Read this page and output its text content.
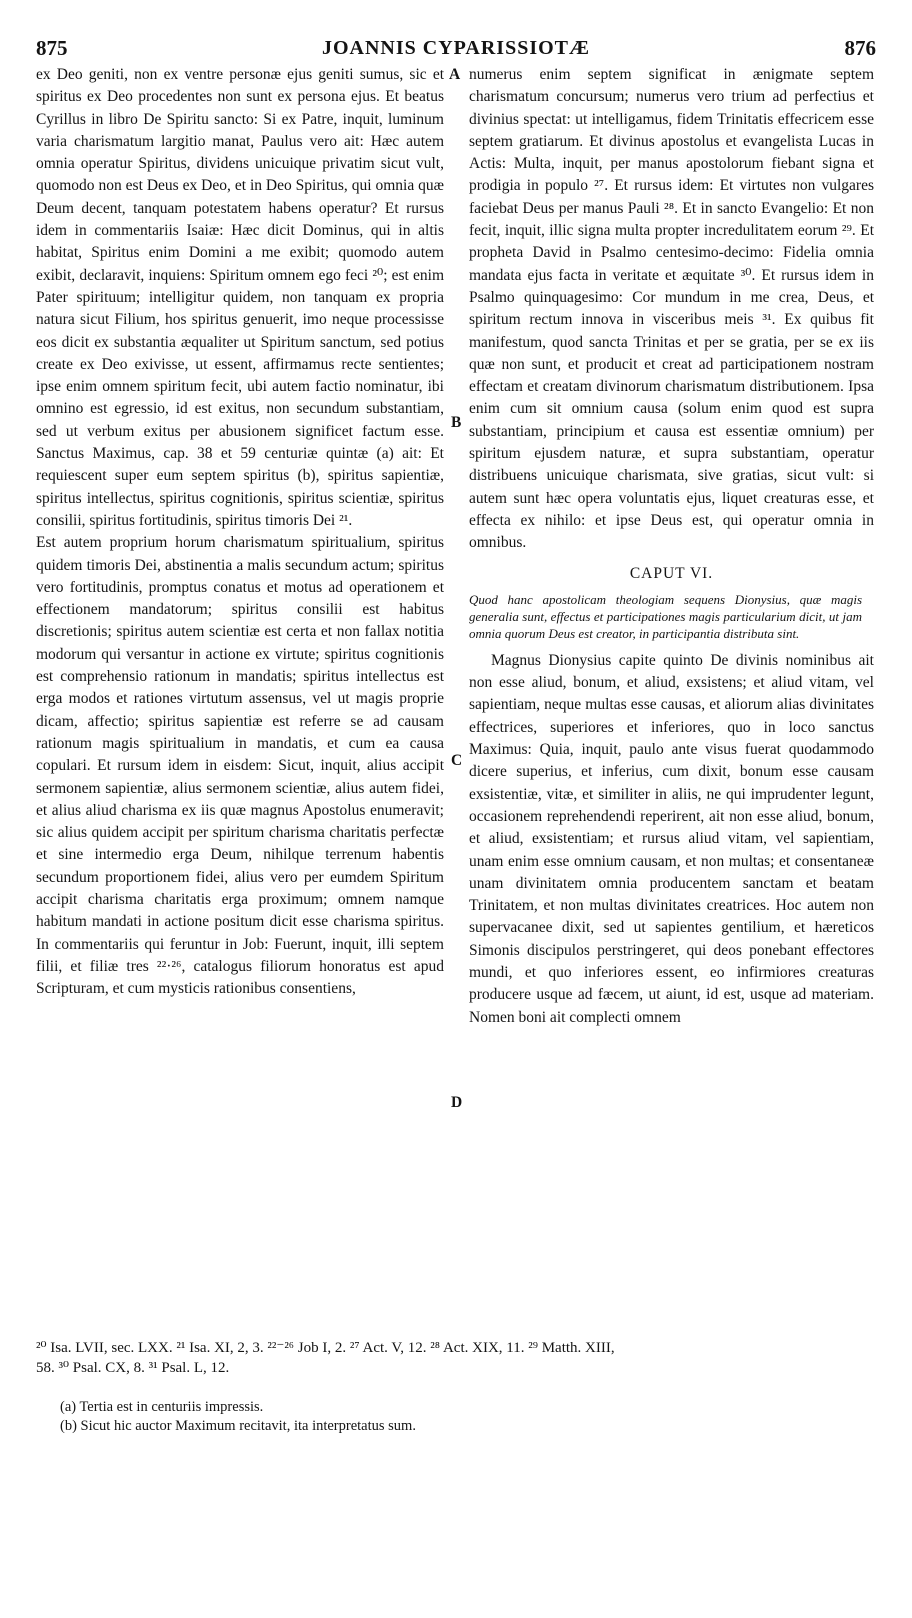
875	JOANNIS CYPARISSIOTÆ	876
A
B
C
D

ex Deo geniti, non ex ventre personæ ejus geniti sumus, sic et spiritus ex Deo procedentes non sunt ex persona ejus. Et beatus Cyrillus in libro De Spiritu sancto: Si ex Patre, inquit, luminum varia charismatum largitio manat, Paulus vero ait: Hæc autem omnia operatur Spiritus, dividens unicuique privatim sicut vult, quomodo non est Deus ex Deo, et in Deo Spiritus, qui omnia quæ Deum decent, tanquam potestatem habens operatur? Et rursus idem in commentariis Isaiæ: Hæc dicit Dominus, qui in altis habitat, Spiritus enim Domini a me exibit; quomodo autem exibit, declaravit, inquiens: Spiritum omnem ego feci ²⁰; est enim Pater spirituum; intelligitur quidem, non tanquam ex propria natura sicut Filium, hos spiritus genuerit, imo neque processisse eos dicit ex substantia æqualiter ut Spiritum sanctum, sed potius create ex Deo exivisse, ut essent, affirmamus recte sentientes; ipse enim omnem spiritum fecit, ubi autem factio nominatur, ibi omnino est egressio, id est exitus, non secundum substantiam, sed ut verbum exitus per abusionem significet factum esse. Sanctus Maximus, cap. 38 et 59 centuriæ quintæ (a) ait: Et requiescent super eum septem spiritus (b), spiritus sapientiæ, spiritus intellectus, spiritus cognitionis, spiritus scientiæ, spiritus consilii, spiritus fortitudinis, spiritus timoris Dei ²¹.

Est autem proprium horum charismatum spiritualium, spiritus quidem timoris Dei, abstinentia a malis secundum actum; spiritus vero fortitudinis, promptus conatus et motus ad operationem et effectionem mandatorum; spiritus consilii est habitus discretionis; spiritus autem scientiæ est certa et non fallax notitia modorum qui versantur in actione ex virtute; spiritus cognitionis est comprehensio rationum in mandatis; spiritus intellectus est erga modos et rationes virtutum assensus, vel ut magis proprie dicam, affectio; spiritus sapientiæ est referre se ad causam rationum magis spiritualium in mandatis, et cum ea causa copulari. Et rursum idem in eisdem: Sicut, inquit, alius accipit sermonem sapientiæ, alius sermonem scientiæ, alius autem fidei, et alius aliud charisma ex iis quæ magnus Apostolus enumeravit; sic alius quidem accipit per spiritum charisma charitatis perfectæ et sine intermedio erga Deum, nihilque terrenum habentis secundum proportionem fidei, alius vero per eumdem Spiritum accipit charisma charitatis erga proximum; omnem namque habitum mandati in actione positum dicit esse charisma spiritus. In commentariis qui feruntur in Job: Fuerunt, inquit, illi septem filii, et filiæ tres ²²·²⁶, catalogus filiorum honoratus est apud Scripturam, et cum mysticis rationibus consentiens,

numerus enim septem significat in ænigmate septem charismatum concursum; numerus vero trium ad perfectius et divinius spectat: ut intelligamus, fidem Trinitatis effecricem esse septem gratiarum. Et divinus apostolus et evangelista Lucas in Actis: Multa, inquit, per manus apostolorum fiebant signa et prodigia in populo ²⁷. Et rursus idem: Et virtutes non vulgares faciebat Deus per manus Pauli ²⁸. Et in sancto Evangelio: Et non fecit, inquit, illic signa multa propter incredulitatem eorum ²⁹. Et propheta David in Psalmo centesimo-decimo: Fidelia omnia mandata ejus facta in veritate et æquitate ³⁰. Et rursus idem in Psalmo quinquagesimo: Cor mundum in me crea, Deus, et spiritum rectum innova in visceribus meis ³¹. Ex quibus fit manifestum, quod sancta Trinitas et per se gratia, per se ex iis quæ non sunt, et producit et creat ad participationem nostram effectam et creatam divinorum charismatum distributionem. Ipsa enim cum sit omnium causa (solum enim quod est supra substantiam, principium et causa est essentiæ omnium) per spiritum ejusdem naturæ, et supra substantiam, operatur distribuens unicuique charismata, sive gratias, sicut vult: si autem sunt hæc opera voluntatis ejus, liquet creaturas esse, et effecta ex nihilo: et ipse Deus est, qui operatur omnia in omnibus.

CAPUT VI.

Quod hanc apostolicam theologiam sequens Dionysius, quæ magis generalia sunt, effectus et participationes magis particularium dicit, ut jam omnia quorum Deus est creator, in participantia distributa sint.

Magnus Dionysius capite quinto De divinis nominibus ait non esse aliud, bonum, et aliud, exsistens; et aliud vitam, vel sapientiam, neque multas esse causas, et aliorum alias divinitates effectrices, superiores et inferiores, quo in loco sanctus Maximus: Quia, inquit, paulo ante visus fuerat quodammodo dicere superius, et inferius, cum dixit, bonum esse causam exsistentiæ, vitæ, et similiter in aliis, ne qui imprudenter legunt, occasionem reprehendendi reperirent, ait non esse aliud, bonum, et aliud, exsistentiam; et rursus aliud vitam, vel sapientiam, unam enim esse omnium causam, et non multas; et consentaneæ unam divinitatem omnia producentem sanctam et beatam Trinitatem, et non multas divinitates creatrices. Hoc autem non supervacanee dixit, sed ut sapientes gentilium, et hæreticos Simonis discipulos perstringeret, qui deos ponebant effectores mundi, et quo inferiores essent, eo infirmiores creaturas producere usque ad fæcem, ut aiunt, id est, usque ad materiam. Nomen boni ait complecti omnem

²⁰ Isa. LVII, sec. LXX. ²¹ Isa. XI, 2, 3. ²²⁻²⁶ Job I, 2. ²⁷ Act. V, 12. ²⁸ Act. XIX, 11. ²⁹ Matth. XIII,

58. ³⁰ Psal. CX, 8. ³¹ Psal. L, 12.

(a) Tertia est in centuriis impressis.

(b) Sicut hic auctor Maximum recitavit, ita interpretatus sum.
